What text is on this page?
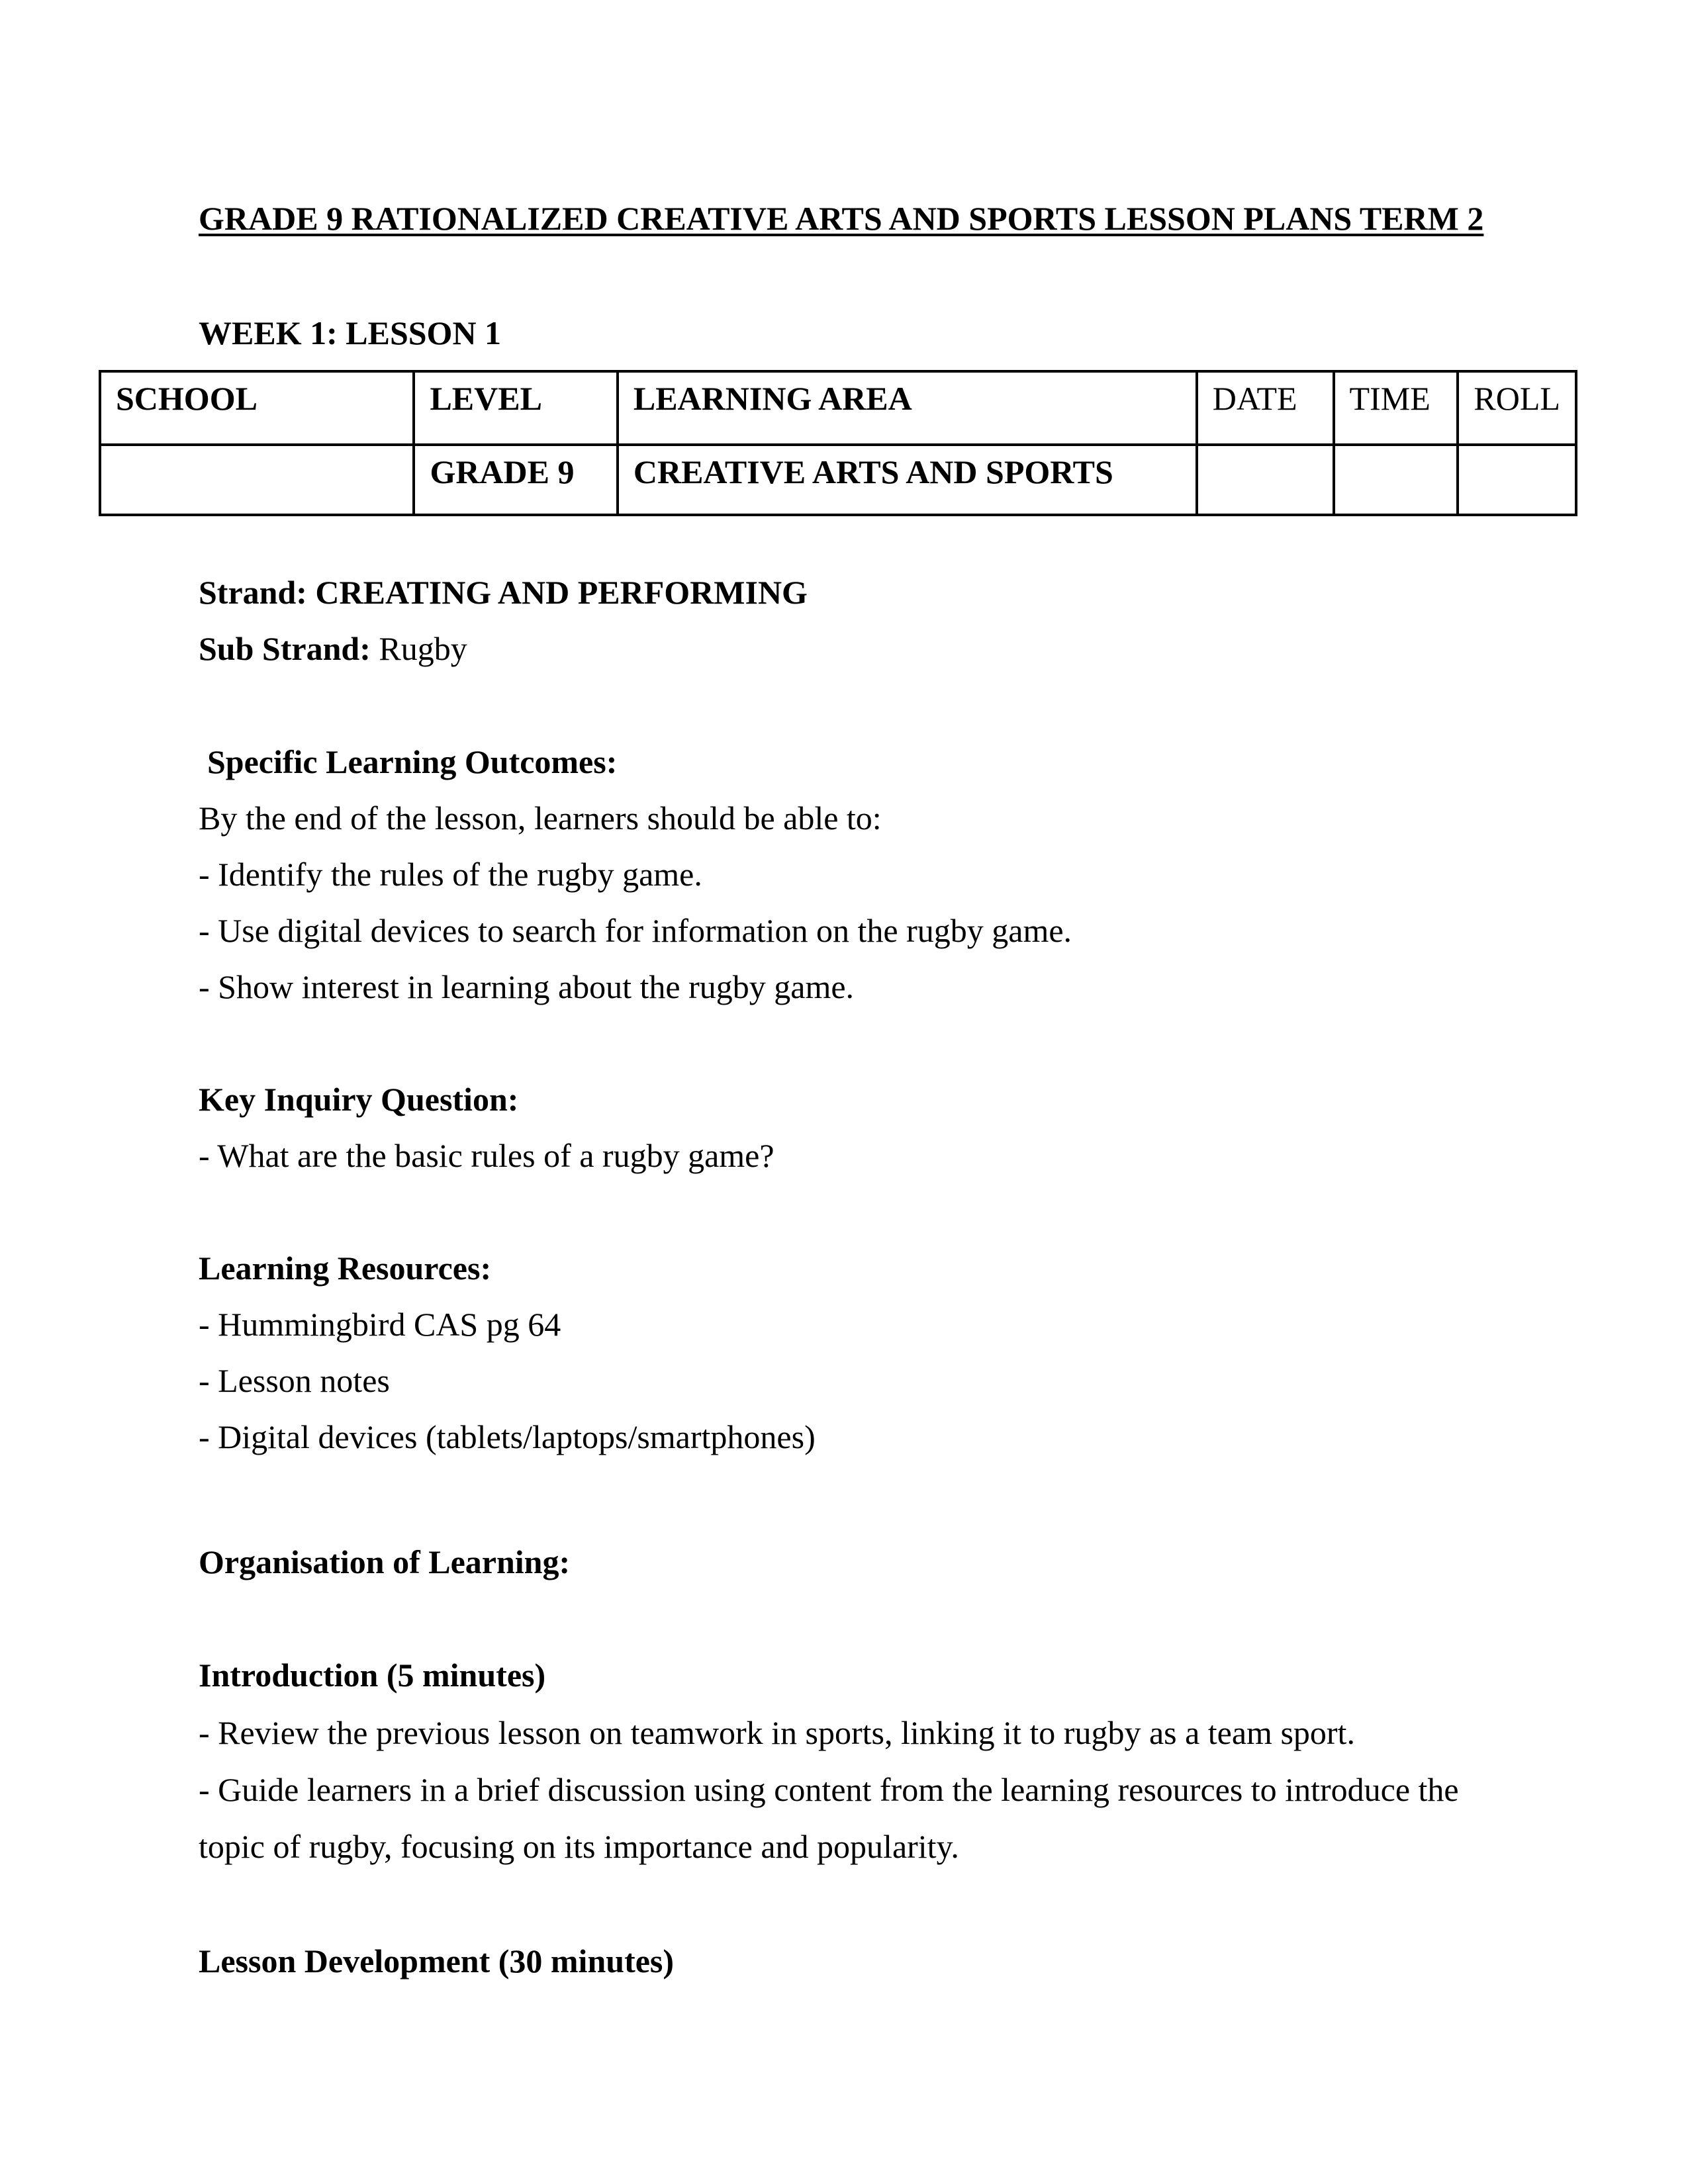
GRADE 9 RATIONALIZED CREATIVE ARTS AND SPORTS LESSON PLANS TERM 2
WEEK 1: LESSON 1
SCHOOL	LEVEL	LEARNING AREA	DATE	TIME	ROLL
	GRADE 9	CREATIVE ARTS AND SPORTS			
Strand: CREATING AND PERFORMING
Sub Strand: Rugby
Specific Learning Outcomes:
By the end of the lesson, learners should be able to:
- Identify the rules of the rugby game.
- Use digital devices to search for information on the rugby game.
- Show interest in learning about the rugby game.
Key Inquiry Question:
- What are the basic rules of a rugby game?
Learning Resources:
- Hummingbird CAS pg 64
- Lesson notes
- Digital devices (tablets/laptops/smartphones)
Organisation of Learning:
Introduction (5 minutes)
- Review the previous lesson on teamwork in sports, linking it to rugby as a team sport.
- Guide learners in a brief discussion using content from the learning resources to introduce the
topic of rugby, focusing on its importance and popularity.
Lesson Development (30 minutes)
